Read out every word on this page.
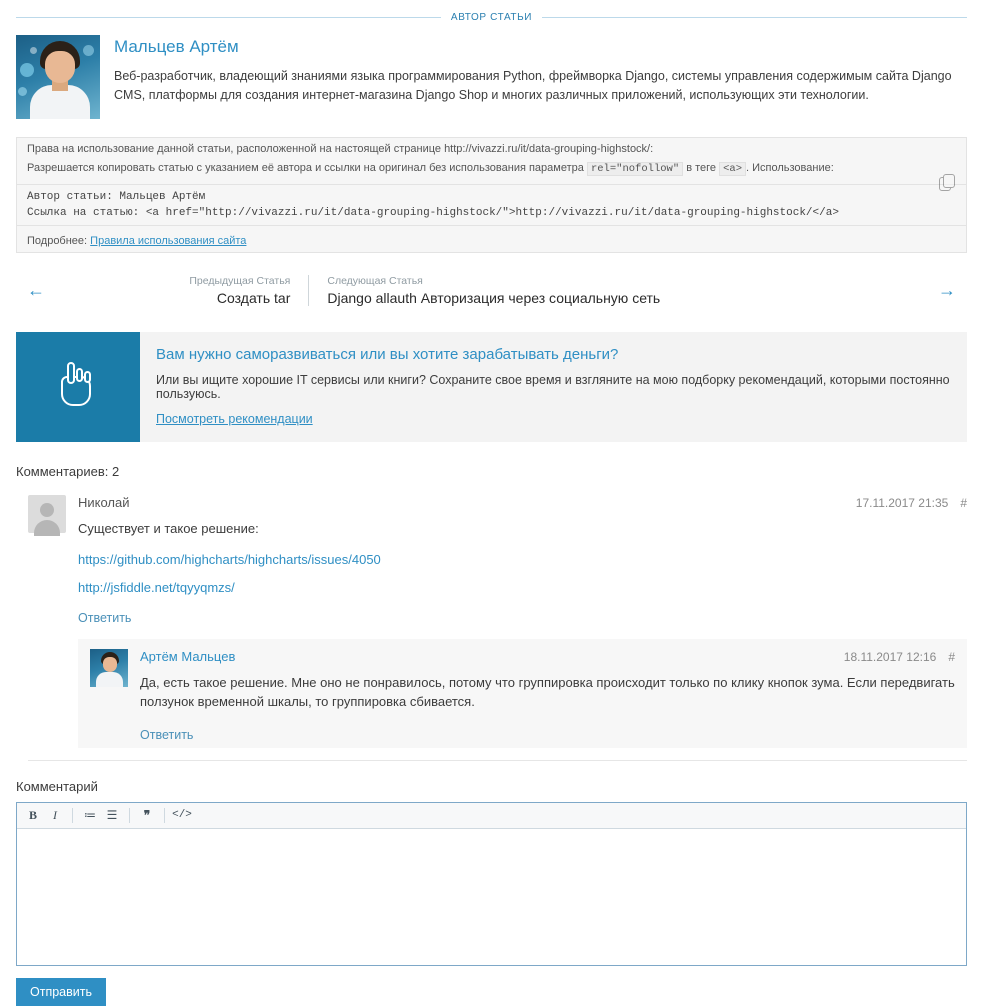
АВТОР СТАТЬИ
Мальцев Артём
Веб-разработчик, владеющий знаниями языка программирования Python, фреймворка Django, системы управления содержимым сайта Django CMS, платформы для создания интернет-магазина Django Shop и многих различных приложений, использующих эти технологии.
Права на использование данной статьи, расположенной на настоящей странице http://vivazzi.ru/it/data-grouping-highstock/:
Разрешается копировать статью с указанием её автора и ссылки на оригинал без использования параметра rel="nofollow" в теге <a> . Использование:
Автор статьи: Мальцев Артём
Ссылка на статью: <a href="http://vivazzi.ru/it/data-grouping-highstock/">http://vivazzi.ru/it/data-grouping-highstock/</a>
Подробнее: Правила использования сайта
←	Предыдущая Статья
Создать tar
Следующая Статья
Django allauth Авторизация через социальную сеть	→
Вам нужно саморазвиваться или вы хотите зарабатывать деньги?
Или вы ищите хорошие IT сервисы или книги? Сохраните свое время и взгляните на мою подборку рекомендаций, которыми постоянно пользуюсь.
Посмотреть рекомендации
Комментариев: 2
Николай	17.11.2017 21:35 #
Существует и такое решение:
https://github.com/highcharts/highcharts/issues/4050
http://jsfiddle.net/tqyyqmzs/
Ответить
Артём Мальцев	18.11.2017 12:16 #
Да, есть такое решение. Мне оно не понравилось, потому что группировка происходит только по клику кнопок зума. Если передвигать ползунок временной шкалы, то группировка сбивается.
Ответить
Комментарий
B	I	≔ ☰	❞	</>
Отправить
